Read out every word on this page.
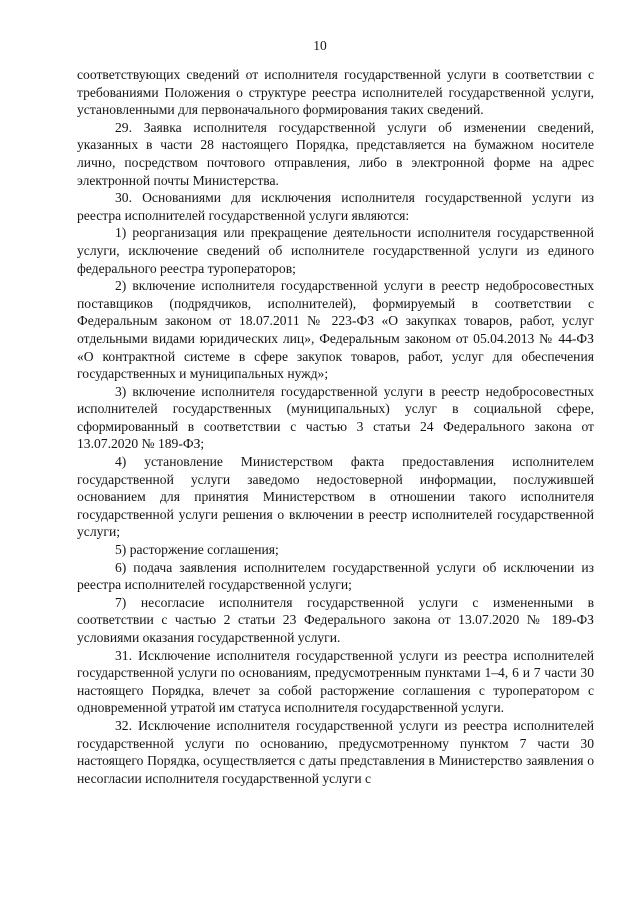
10

соответствующих сведений от исполнителя государственной услуги в соответствии с требованиями Положения о структуре реестра исполнителей государственной услуги, установленными для первоначального формирования таких сведений.

29. Заявка исполнителя государственной услуги об изменении сведений, указанных в части 28 настоящего Порядка, представляется на бумажном носителе лично, посредством почтового отправления, либо в электронной форме на адрес электронной почты Министерства.

30. Основаниями для исключения исполнителя государственной услуги из реестра исполнителей государственной услуги являются:

1) реорганизация или прекращение деятельности исполнителя государственной услуги, исключение сведений об исполнителе государственной услуги из единого федерального реестра туроператоров;

2) включение исполнителя государственной услуги в реестр недобросовестных поставщиков (подрядчиков, исполнителей), формируемый в соответствии с Федеральным законом от 18.07.2011 № 223-ФЗ «О закупках товаров, работ, услуг отдельными видами юридических лиц», Федеральным законом от 05.04.2013 № 44-ФЗ «О контрактной системе в сфере закупок товаров, работ, услуг для обеспечения государственных и муниципальных нужд»;

3) включение исполнителя государственной услуги в реестр недобросовестных исполнителей государственных (муниципальных) услуг в социальной сфере, сформированный в соответствии с частью 3 статьи 24 Федерального закона от 13.07.2020 № 189-ФЗ;

4) установление Министерством факта предоставления исполнителем государственной услуги заведомо недостоверной информации, послужившей основанием для принятия Министерством в отношении такого исполнителя государственной услуги решения о включении в реестр исполнителей государственной услуги;

5) расторжение соглашения;

6) подача заявления исполнителем государственной услуги об исключении из реестра исполнителей государственной услуги;

7) несогласие исполнителя государственной услуги с измененными в соответствии с частью 2 статьи 23 Федерального закона от 13.07.2020 № 189-ФЗ условиями оказания государственной услуги.

31. Исключение исполнителя государственной услуги из реестра исполнителей государственной услуги по основаниям, предусмотренным пунктами 1–4, 6 и 7 части 30 настоящего Порядка, влечет за собой расторжение соглашения с туроператором с одновременной утратой им статуса исполнителя государственной услуги.

32. Исключение исполнителя государственной услуги из реестра исполнителей государственной услуги по основанию, предусмотренному пунктом 7 части 30 настоящего Порядка, осуществляется с даты представления в Министерство заявления о несогласии исполнителя государственной услуги с
